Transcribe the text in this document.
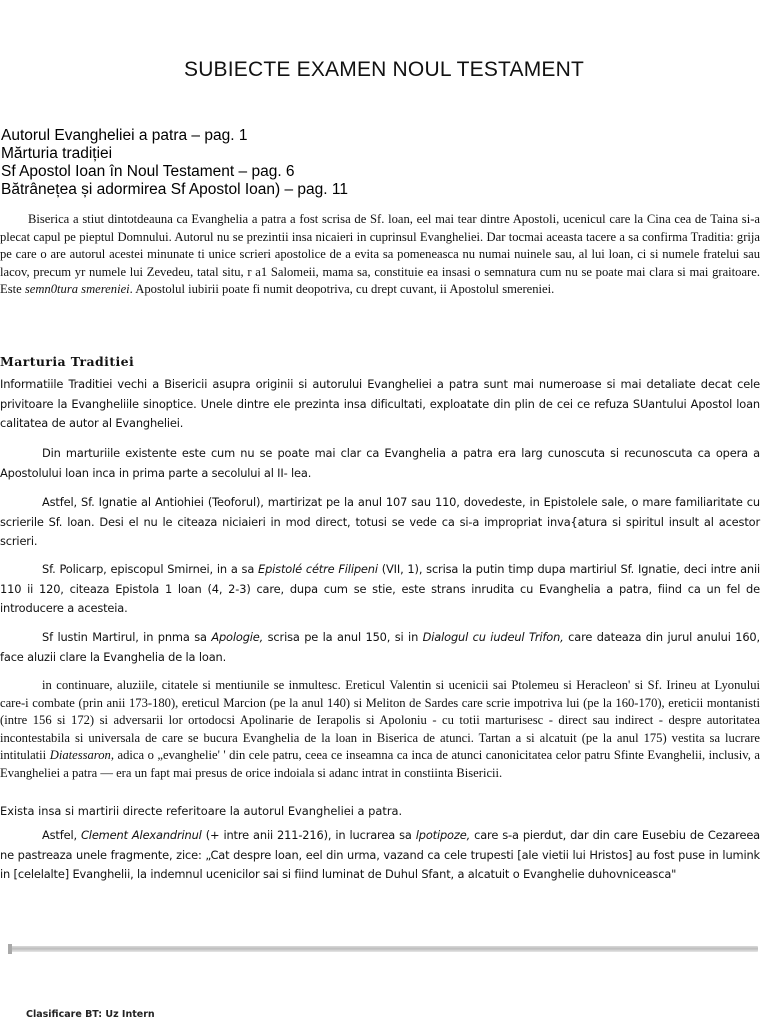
SUBIECTE EXAMEN NOUL TESTAMENT
Autorul Evangheliei a patra – pag. 1
Mărturia tradiției
Sf Apostol Ioan în Noul Testament – pag. 6
Bătrânețea și adormirea Sf Apostol Ioan) – pag. 11

Biserica a stiut dintotdeauna ca Evanghelia a patra a fost scrisa de Sf. loan, eel mai tear dintre Apostoli, ucenicul care la Cina cea de Taina si-a plecat capul pe pieptul Domnului. Autorul nu se prezintii insa nicaieri in cuprinsul Evangheliei. Dar tocmai aceasta tacere a sa confirma Traditia: grija pe care o are autorul acestei minunate ti unice scrieri apostolice de a evita sa pomeneasca nu numai nuinele sau, al lui loan, ci si numele fratelui sau lacov, precum yr numele lui Zevedeu, tatal situ, r a1 Salomeii, mama sa, constituie ea insasi o semnatura cum nu se poate mai clara si mai graitoare. Este semn0tura smereniei. Apostolul iubirii poate fi numit deopotriva, cu drept cuvant, ii Apostolul smereniei.

Marturia Traditiei

Informatiile Traditiei vechi a Bisericii asupra originii si autorului Evangheliei a patra sunt mai numeroase si mai detaliate decat cele privitoare la Evangheliile sinoptice. Unele dintre ele prezinta insa dificultati, exploatate din plin de cei ce refuza SUantului Apostol loan calitatea de autor al Evangheliei.

Din marturiile existente este cum nu se poate mai clar ca Evanghelia a patra era larg cunoscuta si recunoscuta ca opera a Apostolului loan inca in prima parte a secolului al II- lea.

Astfel, Sf. Ignatie al Antiohiei (Teoforul), martirizat pe la anul 107 sau 110, dovedeste, in Epistolele sale, o mare familiaritate cu scrierile Sf. loan. Desi el nu le citeaza niciaieri in mod direct, totusi se vede ca si-a impropriat inva{atura si spiritul insult al acestor scrieri.

Sf. Policarp, episcopul Smirnei, in a sa Epistolé cétre Filipeni (VII, 1), scrisa la putin timp dupa martiriul Sf. Ignatie, deci intre anii 110 ii 120, citeaza Epistola 1 loan (4, 2-3) care, dupa cum se stie, este strans inrudita cu Evanghelia a patra, fiind ca un fel de introducere a acesteia.

Sf lustin Martirul, in pnma sa Apologie, scrisa pe la anul 150, si in Dialogul cu iudeul Trifon, care dateaza din jurul anului 160, face aluzii clare la Evanghelia de la loan.

in continuare, aluziile, citatele si mentiunile se inmultesc. Ereticul Valentin si ucenicii sai Ptolemeu si Heracleon' si Sf. Irineu at Lyonului care-i combate (prin anii 173-180), ereticul Marcion (pe la anul 140) si Meliton de Sardes care scrie impotriva lui (pe la 160-170), ereticii montanisti (intre 156 si 172) si adversarii lor ortodocsi Apolinarie de Ierapolis si Apoloniu - cu totii marturisesc - direct sau indirect - despre autoritatea incontestabila si universala de care se bucura Evanghelia de la loan in Biserica de atunci. Tartan a si alcatuit (pe la anul 175) vestita sa lucrare intitulatii Diatessaron, adica o „evanghelie' ' din cele patru, ceea ce inseamna ca inca de atunci canonicitatea celor patru Sfinte Evanghelii, inclusiv, a Evangheliei a patra — era un fapt mai presus de orice indoiala si adanc intrat in constiinta Bisericii.

Exista insa si martirii directe referitoare la autorul Evangheliei a patra.

Astfel, Clement Alexandrinul (+ intre anii 211-216), in lucrarea sa lpotipoze, care s-a pierdut, dar din care Eusebiu de Cezareea ne pastreaza unele fragmente, zice: „Cat despre loan, eel din urma, vazand ca cele trupesti [ale vietii lui Hristos] au fost puse in lumink in [celelalte] Evanghelii, la indemnul ucenicilor sai si fiind luminat de Duhul Sfant, a alcatuit o Evanghelie duhovniceasca"

Clasificare BT: Uz Intern
